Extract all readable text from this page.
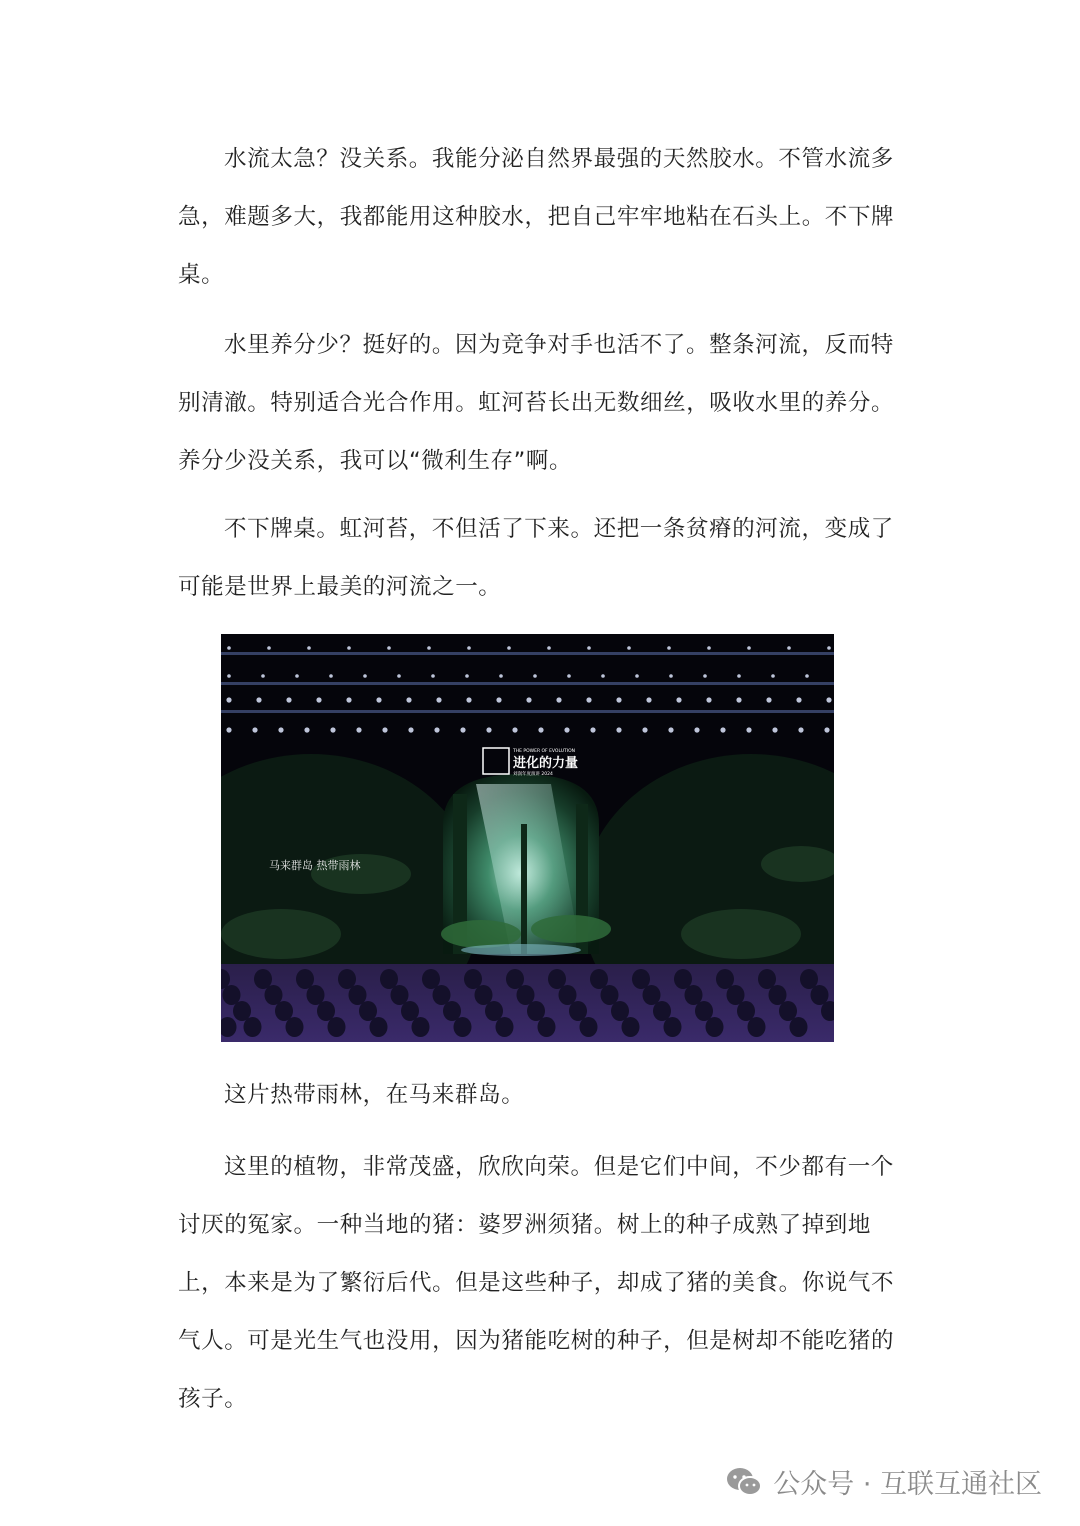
水流太急？没关系。我能分泌自然界最强的天然胶水。不管水流多急，难题多大，我都能用这种胶水，把自己牢牢地粘在石头上。不下牌桌。

水里养分少？挺好的。因为竞争对手也活不了。整条河流，反而特别清澈。特别适合光合作用。虹河苔长出无数细丝，吸收水里的养分。养分少没关系，我可以“微利生存”啊。

不下牌桌。虹河苔，不但活了下来。还把一条贫瘠的河流，变成了可能是世界上最美的河流之一。

THE POWER OF EVOLUTION
进化的力量
刘润年度演讲 2024
马来群岛 热带雨林

这片热带雨林，在马来群岛。

这里的植物，非常茂盛，欣欣向荣。但是它们中间，不少都有一个讨厌的冤家。一种当地的猪：婆罗洲须猪。树上的种子成熟了掉到地上，本来是为了繁衍后代。但是这些种子，却成了猪的美食。你说气不气人。可是光生气也没用，因为猪能吃树的种子，但是树却不能吃猪的孩子。

公众号 · 互联互通社区
